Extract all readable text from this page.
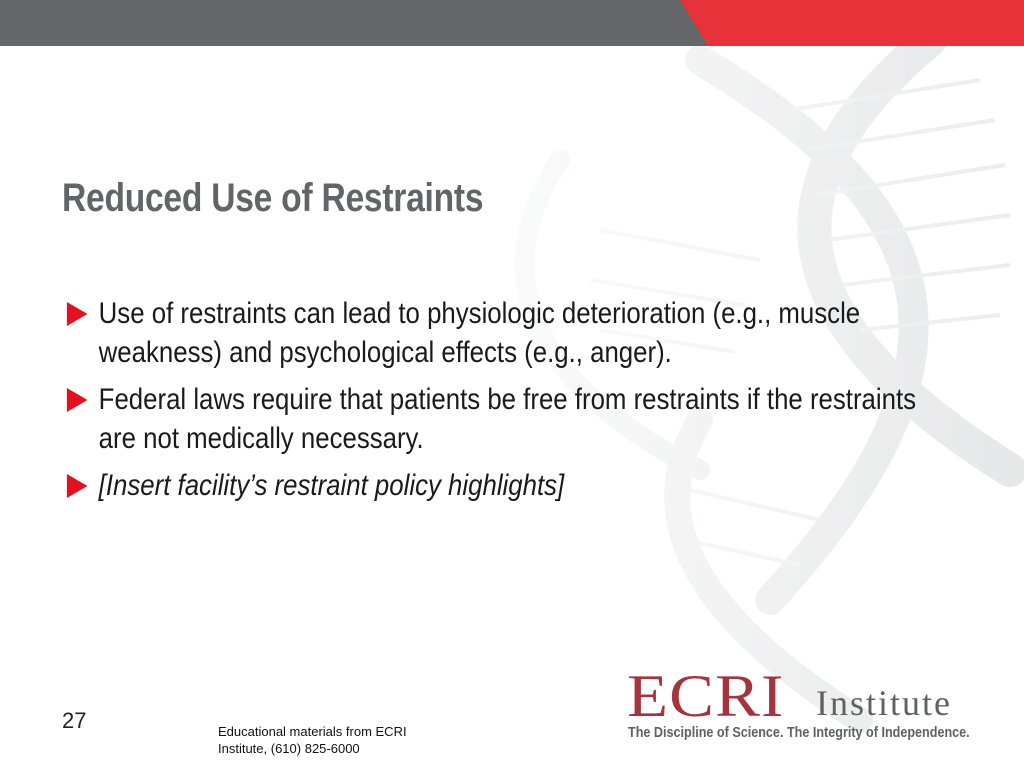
Reduced Use of Restraints
Use of restraints can lead to physiologic deterioration (e.g., muscle weakness) and psychological effects (e.g., anger).
Federal laws require that patients be free from restraints if the restraints are not medically necessary.
[Insert facility’s restraint policy highlights]
27	Educational materials from ECRI Institute, (610) 825-6000
ECRI Institute
The Discipline of Science. The Integrity of Independence.
